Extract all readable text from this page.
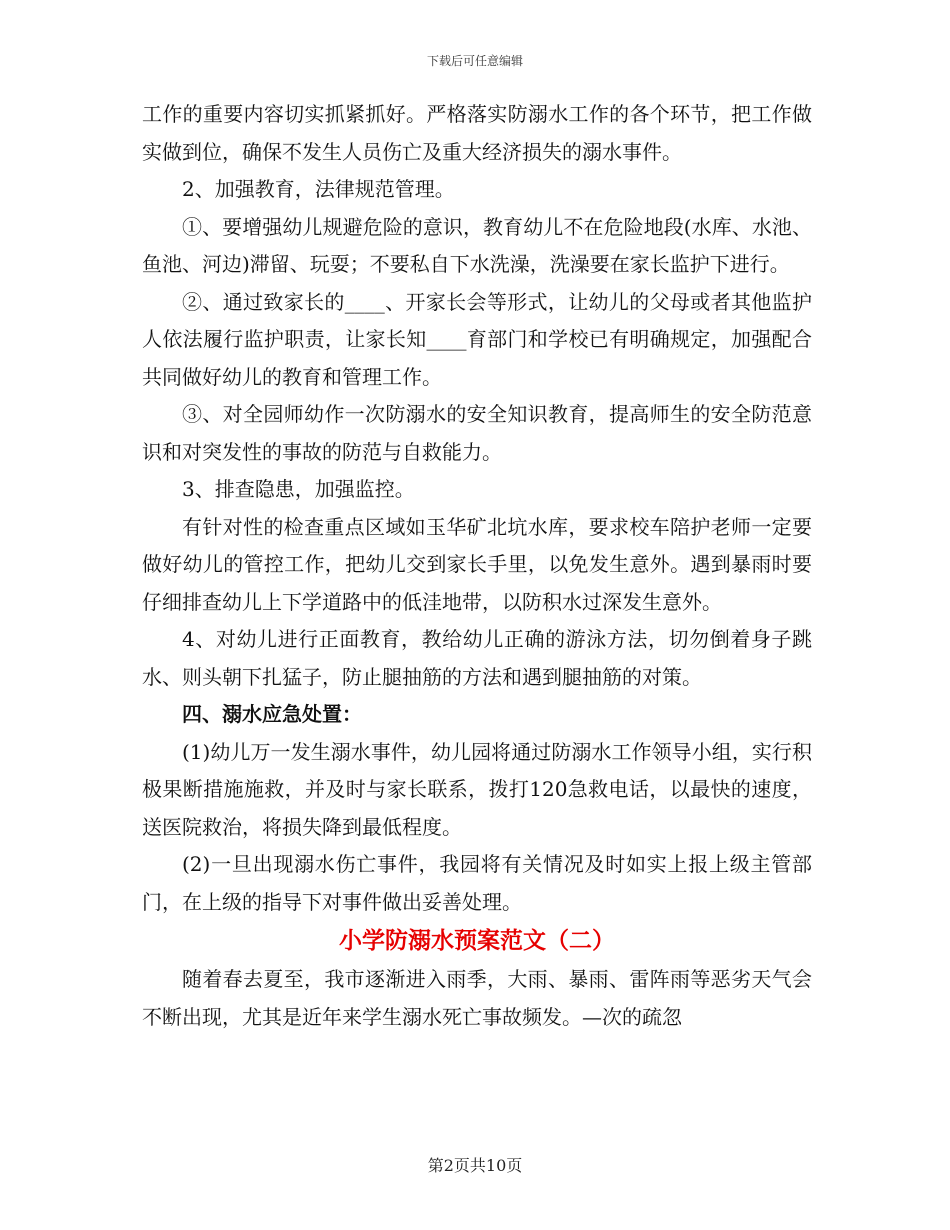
下载后可任意编辑

工作的重要内容切实抓紧抓好。严格落实防溺水工作的各个环节，把工作做实做到位，确保不发生人员伤亡及重大经济损失的溺水事件。

2、加强教育，法律规范管理。

①、要增强幼儿规避危险的意识，教育幼儿不在危险地段(水库、水池、鱼池、河边)滞留、玩耍；不要私自下水洗澡，洗澡要在家长监护下进行。

②、通过致家长的____、开家长会等形式，让幼儿的父母或者其他监护人依法履行监护职责，让家长知____育部门和学校已有明确规定，加强配合共同做好幼儿的教育和管理工作。

③、对全园师幼作一次防溺水的安全知识教育，提高师生的安全防范意识和对突发性的事故的防范与自救能力。

3、排查隐患，加强监控。

有针对性的检查重点区域如玉华矿北坑水库，要求校车陪护老师一定要做好幼儿的管控工作，把幼儿交到家长手里，以免发生意外。遇到暴雨时要仔细排查幼儿上下学道路中的低洼地带，以防积水过深发生意外。

4、对幼儿进行正面教育，教给幼儿正确的游泳方法，切勿倒着身子跳水、则头朝下扎猛子，防止腿抽筋的方法和遇到腿抽筋的对策。

四、溺水应急处置：

(1)幼儿万一发生溺水事件，幼儿园将通过防溺水工作领导小组，实行积极果断措施施救，并及时与家长联系，拨打120急救电话，以最快的速度，送医院救治，将损失降到最低程度。

(2)一旦出现溺水伤亡事件，我园将有关情况及时如实上报上级主管部门，在上级的指导下对事件做出妥善处理。

小学防溺水预案范文（二）

随着春去夏至，我市逐渐进入雨季，大雨、暴雨、雷阵雨等恶劣天气会不断出现，尤其是近年来学生溺水死亡事故频发。—次的疏忽

第2页共10页
